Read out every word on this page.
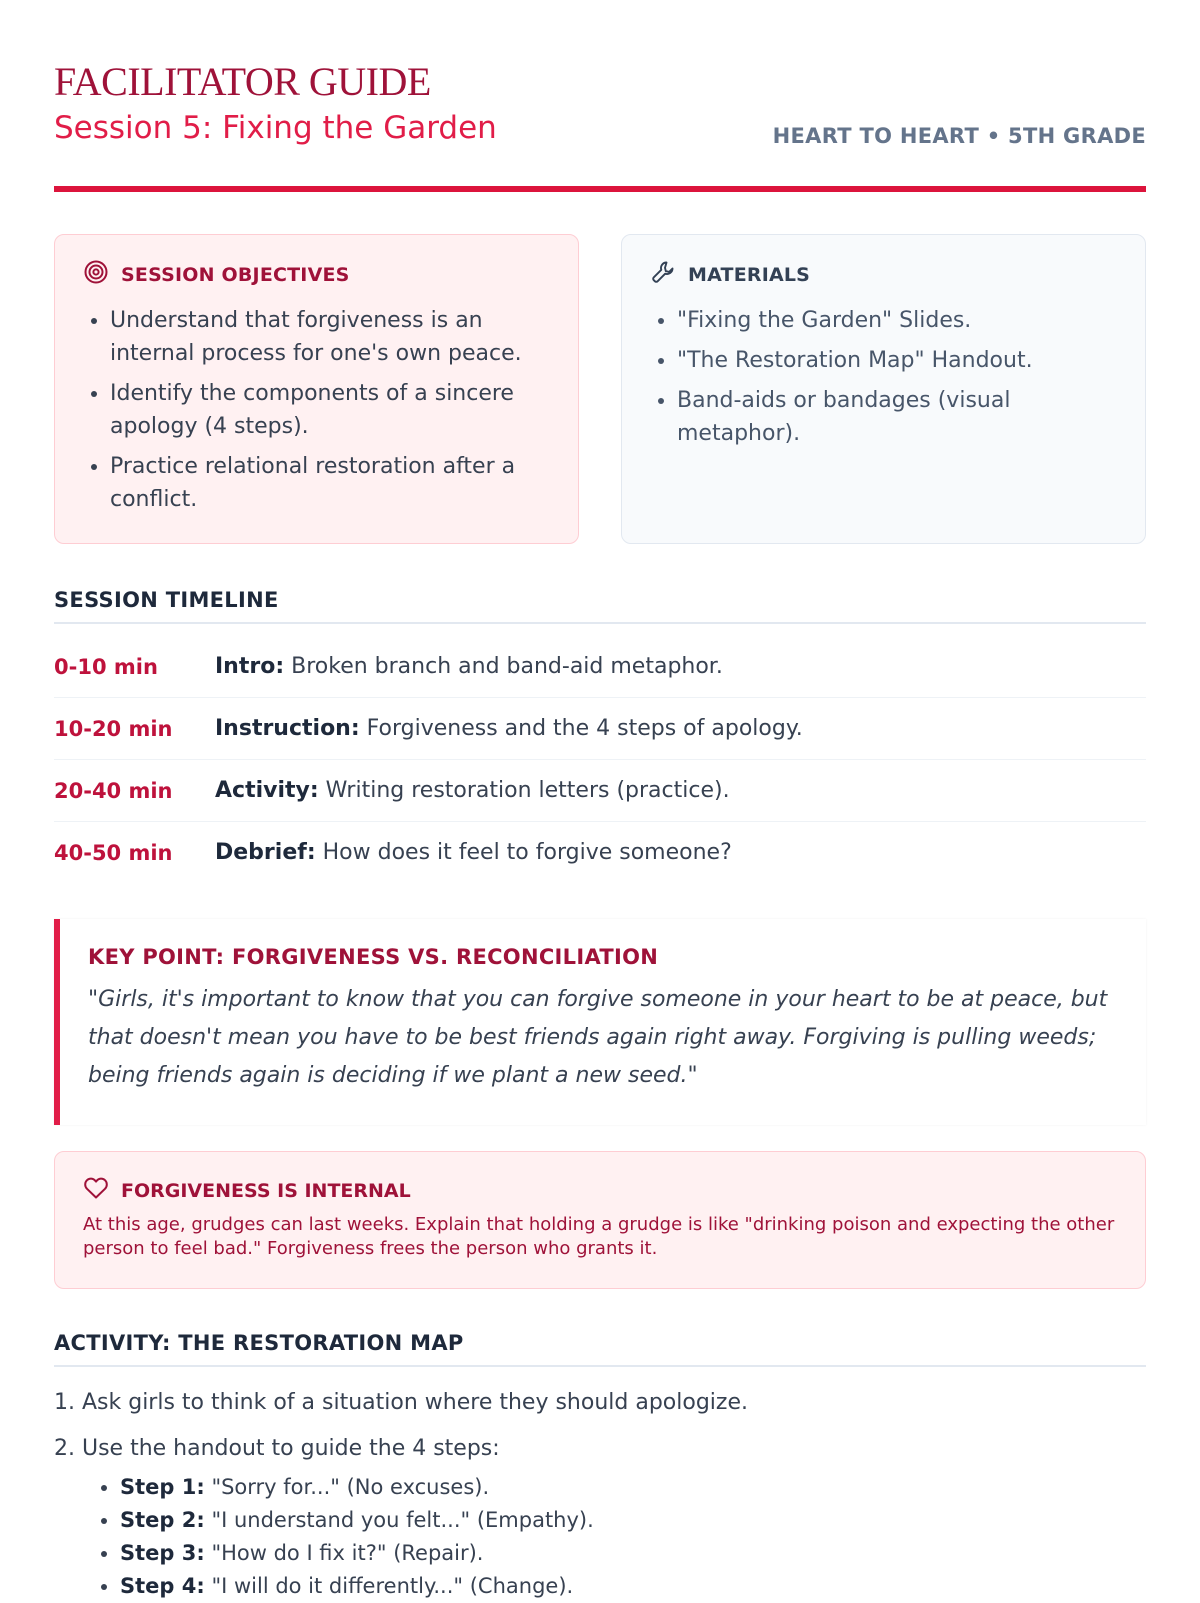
FACILITATOR GUIDE
Session 5: Fixing the Garden	HEART TO HEART • 5TH GRADE
SESSION OBJECTIVES
• Understand that forgiveness is an internal process for one's own peace.
• Identify the components of a sincere apology (4 steps).
• Practice relational restoration after a conflict.
MATERIALS
• "Fixing the Garden" Slides.
• "The Restoration Map" Handout.
• Band-aids or bandages (visual metaphor).
SESSION TIMELINE
0-10 min	Intro: Broken branch and band-aid metaphor.
10-20 min	Instruction: Forgiveness and the 4 steps of apology.
20-40 min	Activity: Writing restoration letters (practice).
40-50 min	Debrief: How does it feel to forgive someone?
KEY POINT: FORGIVENESS VS. RECONCILIATION
"Girls, it's important to know that you can forgive someone in your heart to be at peace, but that doesn't mean you have to be best friends again right away. Forgiving is pulling weeds; being friends again is deciding if we plant a new seed."
FORGIVENESS IS INTERNAL
At this age, grudges can last weeks. Explain that holding a grudge is like "drinking poison and expecting the other person to feel bad." Forgiveness frees the person who grants it.
ACTIVITY: THE RESTORATION MAP
1. Ask girls to think of a situation where they should apologize.
2. Use the handout to guide the 4 steps:
• Step 1: "Sorry for..." (No excuses).
• Step 2: "I understand you felt..." (Empathy).
• Step 3: "How do I fix it?" (Repair).
• Step 4: "I will do it differently..." (Change).
